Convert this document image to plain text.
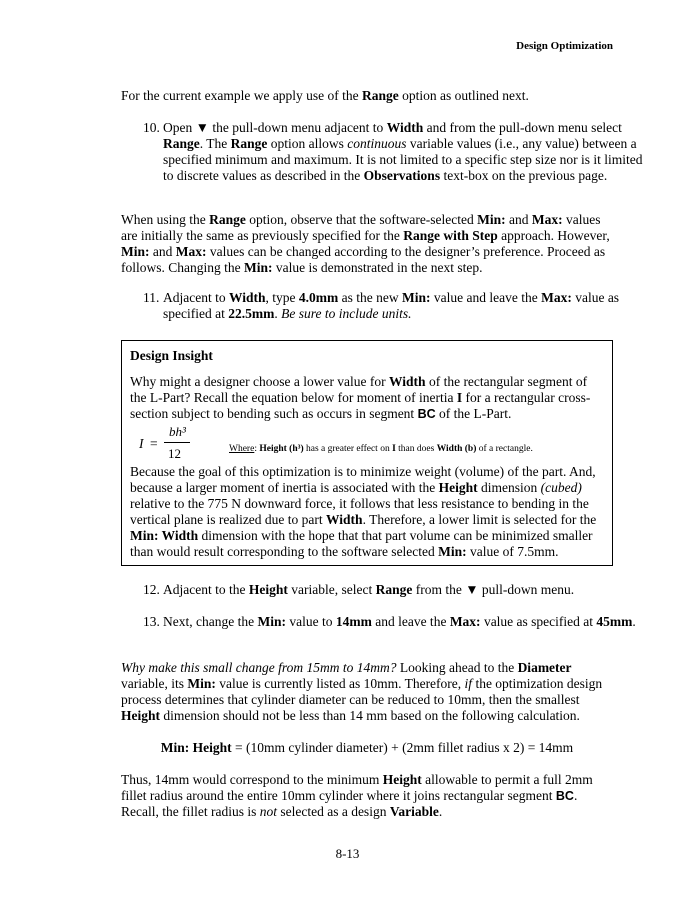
Design Optimization
For the current example we apply use of the Range option as outlined next.
10. Open ▼ the pull-down menu adjacent to Width and from the pull-down menu select Range. The Range option allows continuous variable values (i.e., any value) between a specified minimum and maximum. It is not limited to a specific step size nor is it limited to discrete values as described in the Observations text-box on the previous page.
When using the Range option, observe that the software-selected Min: and Max: values are initially the same as previously specified for the Range with Step approach. However, Min: and Max: values can be changed according to the designer’s preference. Proceed as follows. Changing the Min: value is demonstrated in the next step.
11. Adjacent to Width, type 4.0mm as the new Min: value and leave the Max: value as specified at 22.5mm. Be sure to include units.
Design Insight
Why might a designer choose a lower value for Width of the rectangular segment of the L-Part? Recall the equation below for moment of inertia I for a rectangular cross-section subject to bending such as occurs in segment BC of the L-Part.
I =
bh³
12	Where: Height (h³) has a greater effect on I than does Width (b) of a rectangle.
Because the goal of this optimization is to minimize weight (volume) of the part. And, because a larger moment of inertia is associated with the Height dimension (cubed) relative to the 775 N downward force, it follows that less resistance to bending in the vertical plane is realized due to part Width. Therefore, a lower limit is selected for the Min: Width dimension with the hope that that part volume can be minimized smaller than would result corresponding to the software selected Min: value of 7.5mm.
12. Adjacent to the Height variable, select Range from the ▼ pull-down menu.
13. Next, change the Min: value to 14mm and leave the Max: value as specified at 45mm.
Why make this small change from 15mm to 14mm? Looking ahead to the Diameter variable, its Min: value is currently listed as 10mm. Therefore, if the optimization design process determines that cylinder diameter can be reduced to 10mm, then the smallest Height dimension should not be less than 14 mm based on the following calculation.
Min: Height = (10mm cylinder diameter) + (2mm fillet radius x 2) = 14mm
Thus, 14mm would correspond to the minimum Height allowable to permit a full 2mm fillet radius around the entire 10mm cylinder where it joins rectangular segment BC. Recall, the fillet radius is not selected as a design Variable.
8-13
